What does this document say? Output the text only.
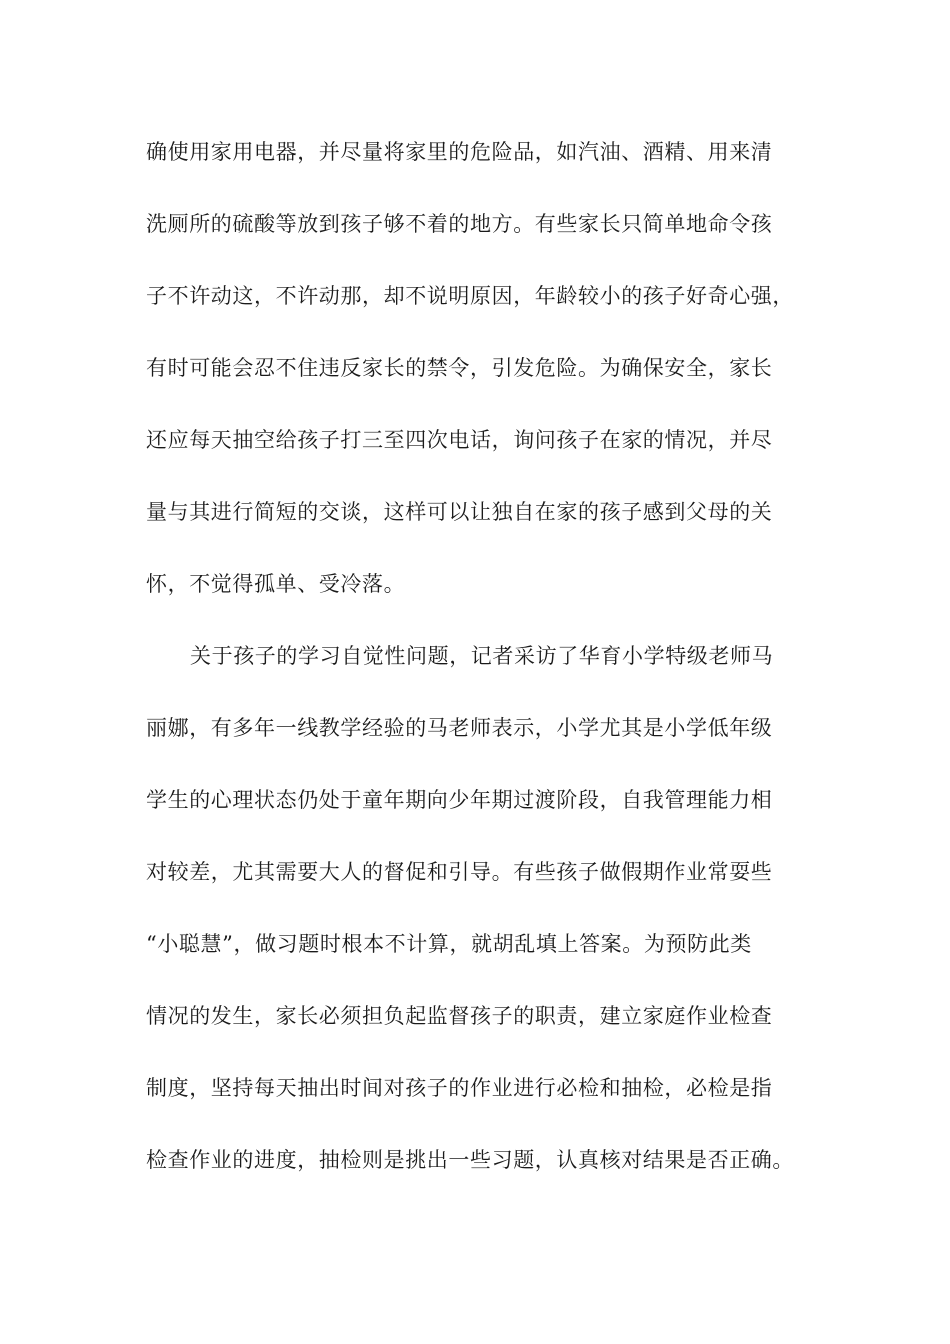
确使用家用电器，并尽量将家里的危险品，如汽油、酒精、用来清
洗厕所的硫酸等放到孩子够不着的地方。有些家长只简单地命令孩
子不许动这，不许动那，却不说明原因，年龄较小的孩子好奇心强，
有时可能会忍不住违反家长的禁令，引发危险。为确保安全，家长
还应每天抽空给孩子打三至四次电话，询问孩子在家的情况，并尽
量与其进行简短的交谈，这样可以让独自在家的孩子感到父母的关
怀，不觉得孤单、受冷落。
关于孩子的学习自觉性问题，记者采访了华育小学特级老师马
丽娜，有多年一线教学经验的马老师表示，小学尤其是小学低年级
学生的心理状态仍处于童年期向少年期过渡阶段，自我管理能力相
对较差，尤其需要大人的督促和引导。有些孩子做假期作业常耍些
“小聪慧”，做习题时根本不计算，就胡乱填上答案。为预防此类
情况的发生，家长必须担负起监督孩子的职责，建立家庭作业检查
制度，坚持每天抽出时间对孩子的作业进行必检和抽检，必检是指
检查作业的进度，抽检则是挑出一些习题，认真核对结果是否正确。
